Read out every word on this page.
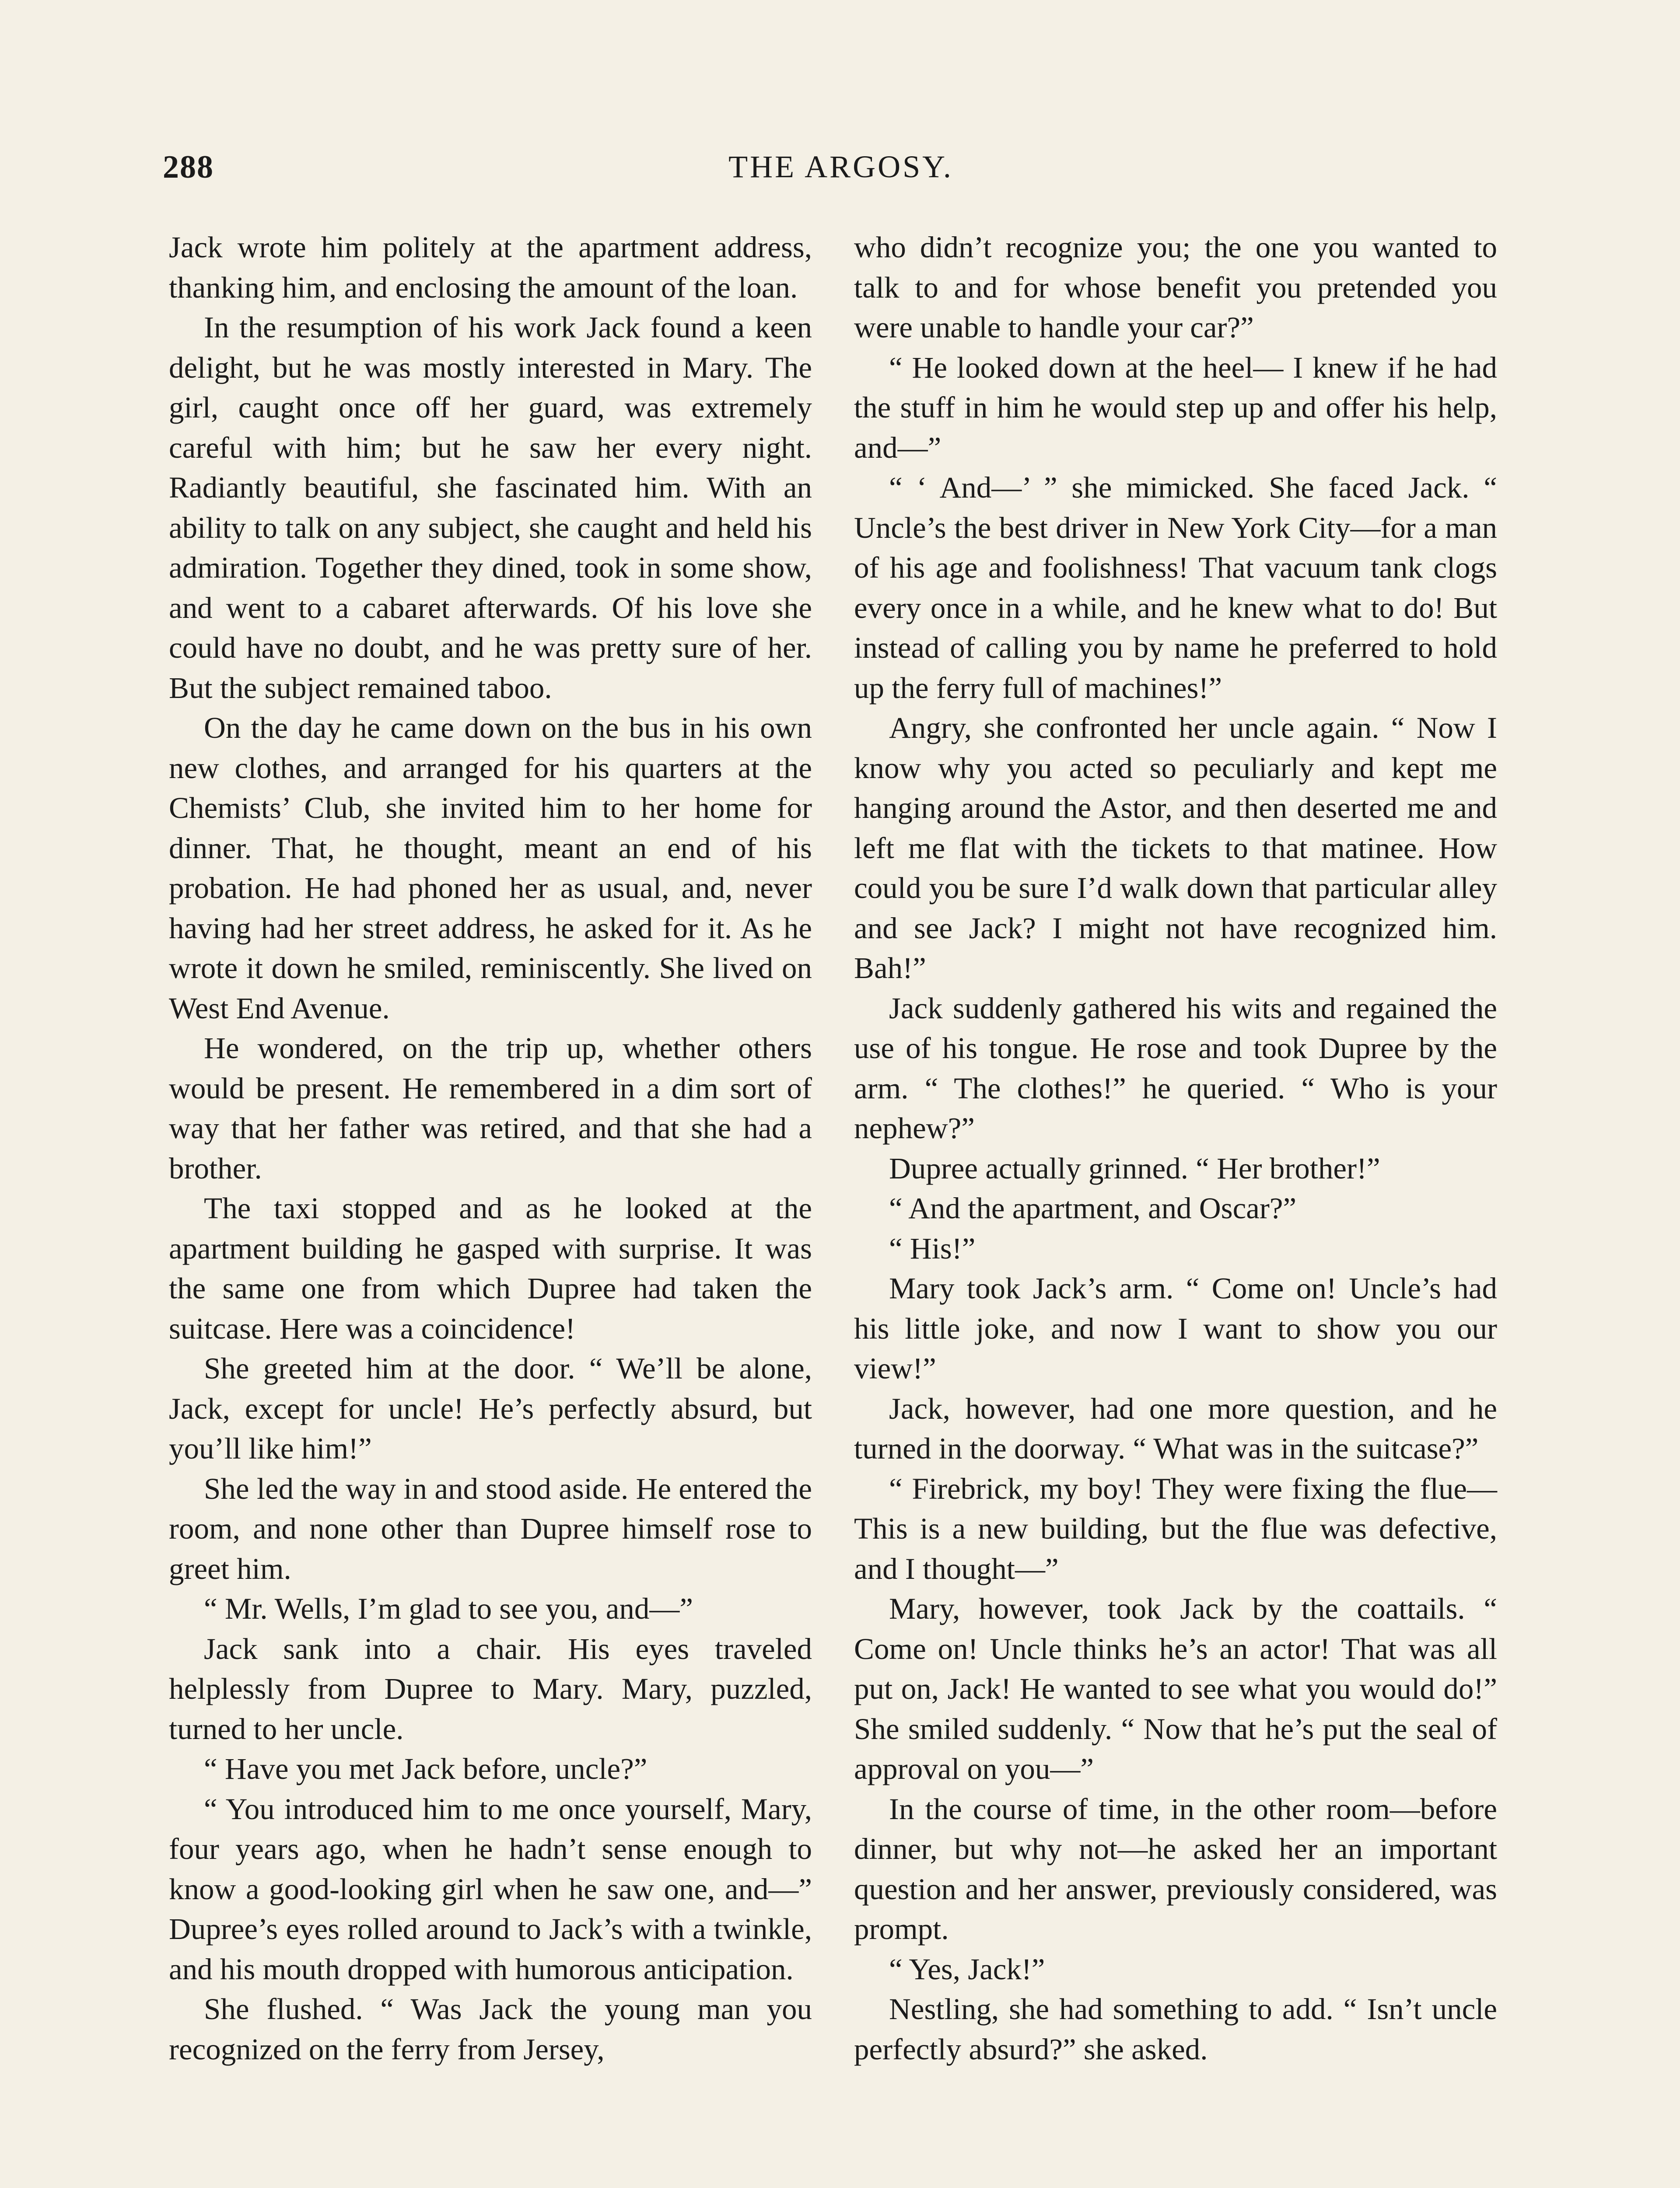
288	THE ARGOSY.

Jack wrote him politely at the apartment address, thanking him, and enclosing the amount of the loan.

In the resumption of his work Jack found a keen delight, but he was mostly interested in Mary. The girl, caught once off her guard, was extremely careful with him; but he saw her every night. Radiantly beautiful, she fascinated him. With an ability to talk on any subject, she caught and held his admiration. Together they dined, took in some show, and went to a cabaret afterwards. Of his love she could have no doubt, and he was pretty sure of her. But the subject remained taboo.

On the day he came down on the bus in his own new clothes, and arranged for his quarters at the Chemists’ Club, she invited him to her home for dinner. That, he thought, meant an end of his probation. He had phoned her as usual, and, never having had her street address, he asked for it. As he wrote it down he smiled, reminiscently. She lived on West End Avenue.

He wondered, on the trip up, whether others would be present. He remembered in a dim sort of way that her father was retired, and that she had a brother.

The taxi stopped and as he looked at the apartment building he gasped with surprise. It was the same one from which Dupree had taken the suitcase. Here was a coincidence!

She greeted him at the door. “ We’ll be alone, Jack, except for uncle! He’s perfectly absurd, but you’ll like him!”

She led the way in and stood aside. He entered the room, and none other than Dupree himself rose to greet him.

“ Mr. Wells, I’m glad to see you, and—”

Jack sank into a chair. His eyes traveled helplessly from Dupree to Mary. Mary, puzzled, turned to her uncle.

“ Have you met Jack before, uncle?”

“ You introduced him to me once yourself, Mary, four years ago, when he hadn’t sense enough to know a good-looking girl when he saw one, and—” Dupree’s eyes rolled around to Jack’s with a twinkle, and his mouth dropped with humorous anticipation.

She flushed. “ Was Jack the young man you recognized on the ferry from Jersey,

who didn’t recognize you; the one you wanted to talk to and for whose benefit you pretended you were unable to handle your car?”

“ He looked down at the heel— I knew if he had the stuff in him he would step up and offer his help, and—”

“ ‘ And—’ ” she mimicked. She faced Jack. “ Uncle’s the best driver in New York City—for a man of his age and foolishness! That vacuum tank clogs every once in a while, and he knew what to do! But instead of calling you by name he preferred to hold up the ferry full of machines!”

Angry, she confronted her uncle again. “ Now I know why you acted so peculiarly and kept me hanging around the Astor, and then deserted me and left me flat with the tickets to that matinee. How could you be sure I’d walk down that particular alley and see Jack? I might not have recognized him. Bah!”

Jack suddenly gathered his wits and regained the use of his tongue. He rose and took Dupree by the arm. “ The clothes!” he queried. “ Who is your nephew?”

Dupree actually grinned. “ Her brother!”

“ And the apartment, and Oscar?”

“ His!”

Mary took Jack’s arm. “ Come on! Uncle’s had his little joke, and now I want to show you our view!”

Jack, however, had one more question, and he turned in the doorway. “ What was in the suitcase?”

“ Firebrick, my boy! They were fixing the flue— This is a new building, but the flue was defective, and I thought—”

Mary, however, took Jack by the coattails. “ Come on! Uncle thinks he’s an actor! That was all put on, Jack! He wanted to see what you would do!” She smiled suddenly. “ Now that he’s put the seal of approval on you—”

In the course of time, in the other room—before dinner, but why not—he asked her an important question and her answer, previously considered, was prompt.

“ Yes, Jack!”

Nestling, she had something to add. “ Isn’t uncle perfectly absurd?” she asked.
